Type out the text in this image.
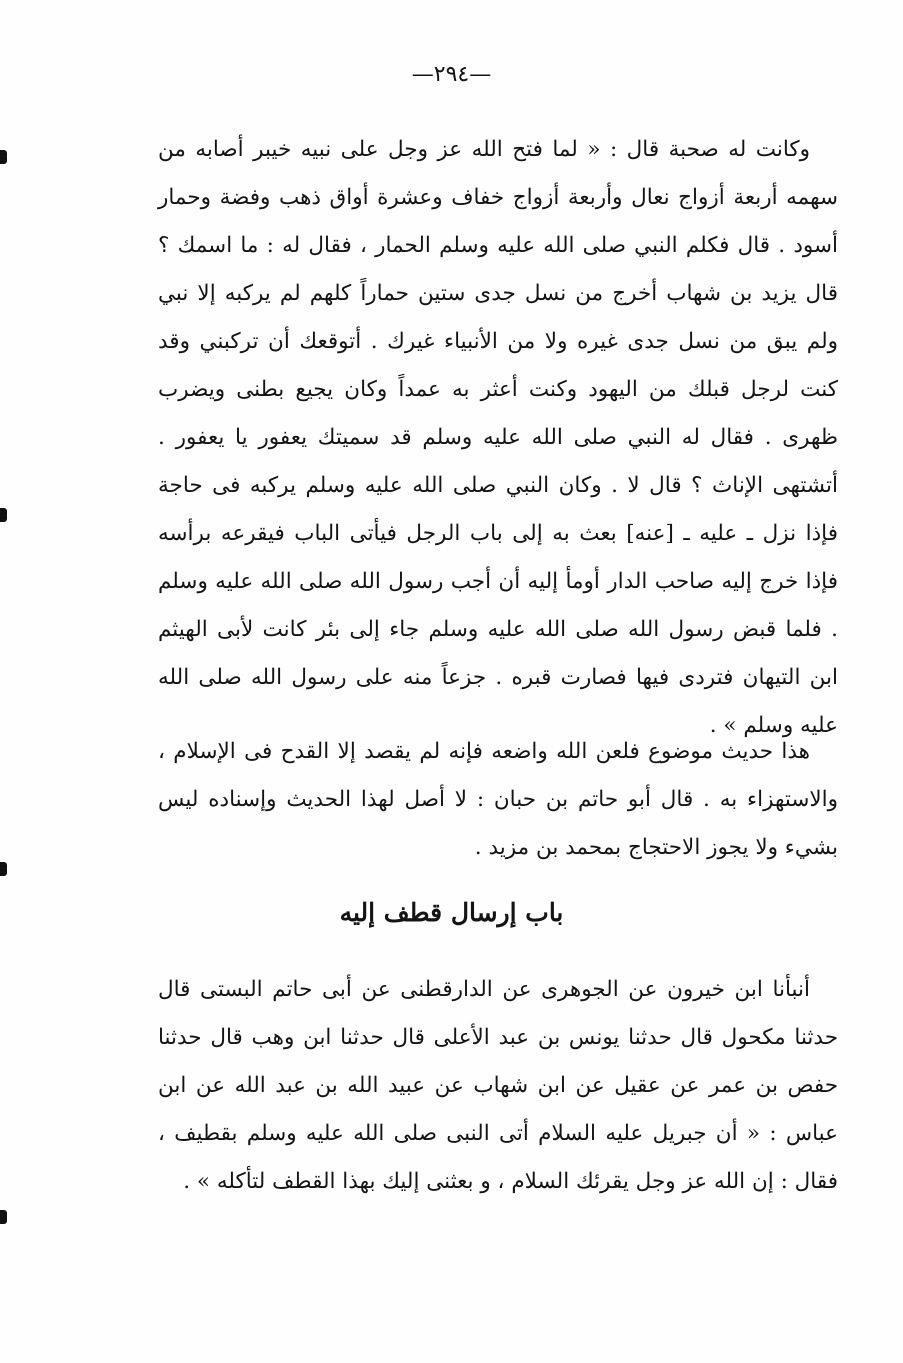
—٢٩٤—

وكانت له صحبة قال : « لما فتح الله عز وجل على نبيه خيبر أصابه من سهمه أربعة أزواج نعال وأربعة أزواج خفاف وعشرة أواق ذهب وفضة وحمار أسود . قال فكلم النبي صلى الله عليه وسلم الحمار ، فقال له : ما اسمك ؟ قال يزيد بن شهاب أخرج من نسل جدى ستين حماراً كلهم لم يركبه إلا نبي ولم يبق من نسل جدى غيره ولا من الأنبياء غيرك . أتوقعك أن تركبني وقد كنت لرجل قبلك من اليهود وكنت أعثر به عمداً وكان يجيع بطنى ويضرب ظهرى . فقال له النبي صلى الله عليه وسلم قد سميتك يعفور يا يعفور . أتشتهى الإناث ؟ قال لا . وكان النبي صلى الله عليه وسلم يركبه فى حاجة فإذا نزل ـ عليه ـ [عنه] بعث به إلى باب الرجل فيأتى الباب فيقرعه برأسه فإذا خرج إليه صاحب الدار أومأ إليه أن أجب رسول الله صلى الله عليه وسلم . فلما قبض رسول الله صلى الله عليه وسلم جاء إلى بئر كانت لأبى الهيثم ابن التيهان فتردى فيها فصارت قبره . جزعاً منه على رسول الله صلى الله عليه وسلم » .

هذا حديث موضوع فلعن الله واضعه فإنه لم يقصد إلا القدح فى الإسلام ، والاستهزاء به . قال أبو حاتم بن حبان : لا أصل لهذا الحديث وإسناده ليس بشيء ولا يجوز الاحتجاج بمحمد بن مزيد .

باب إرسال قطف إليه

أنبأنا ابن خيرون عن الجوهرى عن الدارقطنى عن أبى حاتم البستى قال حدثنا مكحول قال حدثنا يونس بن عبد الأعلى قال حدثنا ابن وهب قال حدثنا حفص بن عمر عن عقيل عن ابن شهاب عن عبيد الله بن عبد الله عن ابن عباس : « أن جبريل عليه السلام أتى النبى صلى الله عليه وسلم بقطيف ، فقال : إن الله عز وجل يقرئك السلام ، و بعثنى إليك بهذا القطف لتأكله » .
